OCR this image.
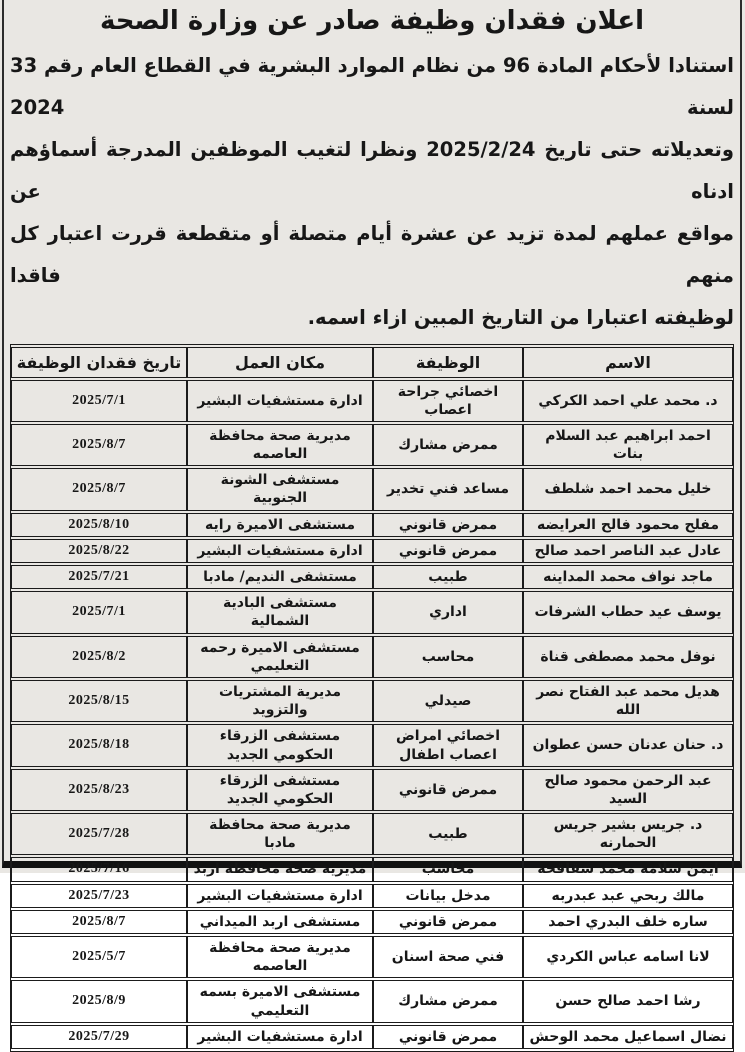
اعلان فقدان وظيفة صادر عن وزارة الصحة
استنادا لأحكام المادة 96 من نظام الموارد البشرية في القطاع العام رقم 33 لسنة 2024
وتعديلاته حتى تاريخ 2025/2/24 ونظرا لتغيب الموظفين المدرجة أسماؤهم ادناه عن
مواقع عملهم لمدة تزيد عن عشرة أيام متصلة أو متقطعة قررت اعتبار كل منهم فاقدا
لوظيفته اعتبارا من التاريخ المبين ازاء اسمه.
الاسم	الوظيفة	مكان العمل	تاريخ فقدان الوظيفة
د. محمد علي احمد الكركي	اخصائي جراحة اعصاب	ادارة مستشفيات البشير	2025/7/1
احمد ابراهيم عبد السلام بنات	ممرض مشارك	مديرية صحة محافظة العاصمه	2025/8/7
خليل محمد احمد شلطف	مساعد فني تخدير	مستشفى الشونة الجنوبية	2025/8/7
مفلح محمود فالح العرايضه	ممرض قانوني	مستشفى الاميرة رايه	2025/8/10
عادل عبد الناصر احمد صالح	ممرض قانوني	ادارة مستشفيات البشير	2025/8/22
ماجد نواف محمد المداينه	طبيب	مستشفى النديم/ مادبا	2025/7/21
يوسف عيد حطاب الشرفات	اداري	مستشفى البادية الشمالية	2025/7/1
نوفل محمد مصطفى قناة	محاسب	مستشفى الاميرة رحمه التعليمي	2025/8/2
هديل محمد عبد الفتاح نصر الله	صيدلي	مديرية المشتريات والتزويد	2025/8/15
د. حنان عدنان حسن عطوان	اخصائي امراض اعصاب اطفال	مستشفى الزرقاء الحكومي الجديد	2025/8/18
عبد الرحمن محمود صالح السيد	ممرض قانوني	مستشفى الزرقاء الحكومي الجديد	2025/8/23
د. جريس بشير جريس الحمارنه	طبيب	مديرية صحة محافظة مادبا	2025/7/28
ايمن سلامه محمد شقاقحه	محاسب	مديرية صحة محافظة اربد	2025/7/16
مالك ربحي عبد عبدربه	مدخل بيانات	ادارة مستشفيات البشير	2025/7/23
ساره خلف البدري احمد	ممرض قانوني	مستشفى اربد الميداني	2025/8/7
لانا اسامه عباس الكردي	فني صحة اسنان	مديرية صحة محافظة العاصمه	2025/5/7
رشا احمد صالح حسن	ممرض مشارك	مستشفى الاميرة بسمه التعليمي	2025/8/9
نضال اسماعيل محمد الوحش	ممرض قانوني	ادارة مستشفيات البشير	2025/7/29
